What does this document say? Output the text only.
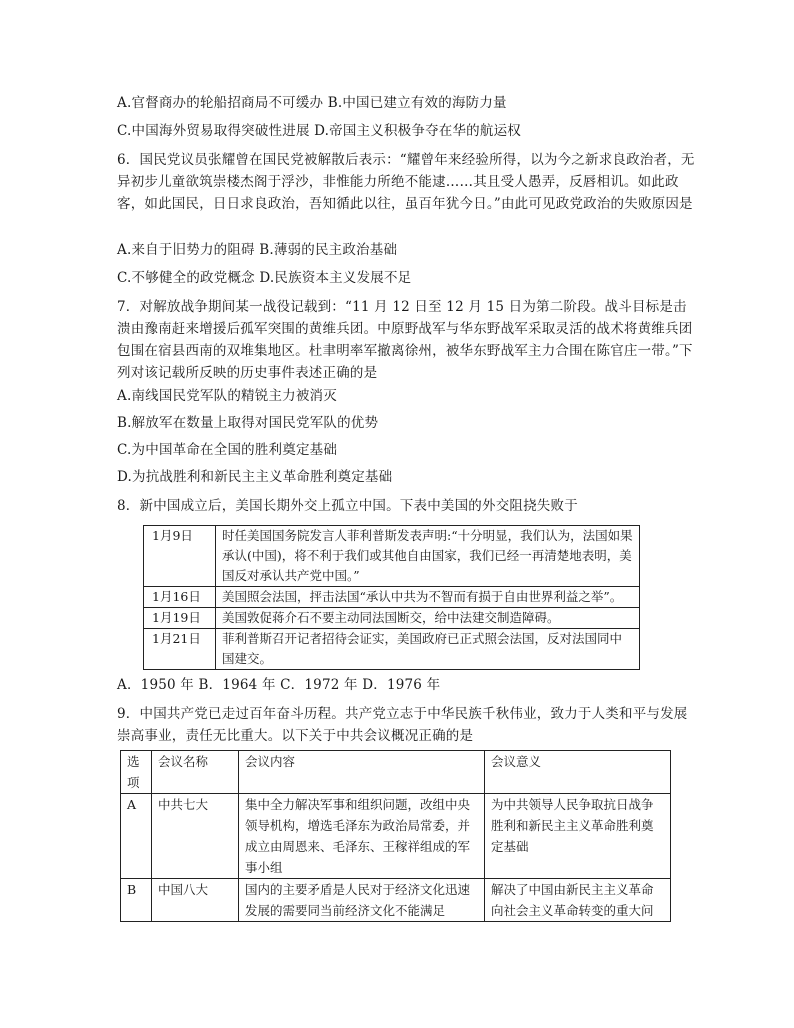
A.官督商办的轮船招商局不可缓办 B.中国已建立有效的海防力量
C.中国海外贸易取得突破性进展 D.帝国主义积极争夺在华的航运权
6．国民党议员张耀曾在国民党被解散后表示：“耀曾年来经验所得，以为今之新求良政治者，无异初步儿童欲筑崇楼杰阁于浮沙，非惟能力所绝不能逮……其且受人愚弄，反唇相讥。如此政客，如此国民，日日求良政治，吾知循此以往，虽百年犹今日。”由此可见政党政治的失败原因是
A.来自于旧势力的阻碍 B.薄弱的民主政治基础
C.不够健全的政党概念 D.民族资本主义发展不足
7．对解放战争期间某一战役记载到：“11 月 12 日至 12 月 15 日为第二阶段。战斗目标是击溃由豫南赶来增援后孤军突围的黄维兵团。中原野战军与华东野战军采取灵活的战术将黄维兵团包围在宿县西南的双堆集地区。杜聿明率军撤离徐州，被华东野战军主力合围在陈官庄一带。”下列对该记载所反映的历史事件表述正确的是
A.南线国民党军队的精锐主力被消灭
B.解放军在数量上取得对国民党军队的优势
C.为中国革命在全国的胜利奠定基础
D.为抗战胜利和新民主主义革命胜利奠定基础
8．新中国成立后，美国长期外交上孤立中国。下表中美国的外交阻挠失败于
1月9日	时任美国国务院发言人菲利普斯发表声明:“十分明显，我们认为，法国如果承认(中国)，将不利于我们或其他自由国家，我们已经一再清楚地表明，美国反对承认共产党中国。”
1月16日	美国照会法国，抨击法国“承认中共为不智而有损于自由世界利益之举”。
1月19日	美国敦促蒋介石不要主动同法国断交，给中法建交制造障碍。
1月21日	菲利普斯召开记者招待会证实，美国政府已正式照会法国，反对法国同中国建交。
A．1950 年 B．1964 年 C．1972 年 D．1976 年
9．中国共产党已走过百年奋斗历程。共产党立志于中华民族千秋伟业，致力于人类和平与发展崇高事业，责任无比重大。以下关于中共会议概况正确的是
选项	会议名称	会议内容	会议意义
A	中共七大	集中全力解决军事和组织问题，改组中央领导机构，增选毛泽东为政治局常委，并成立由周恩来、毛泽东、王稼祥组成的军事小组	为中共领导人民争取抗日战争胜利和新民主主义革命胜利奠定基础
B	中国八大	国内的主要矛盾是人民对于经济文化迅速发展的需要同当前经济文化不能满足	解决了中国由新民主主义革命向社会主义革命转变的重大问
